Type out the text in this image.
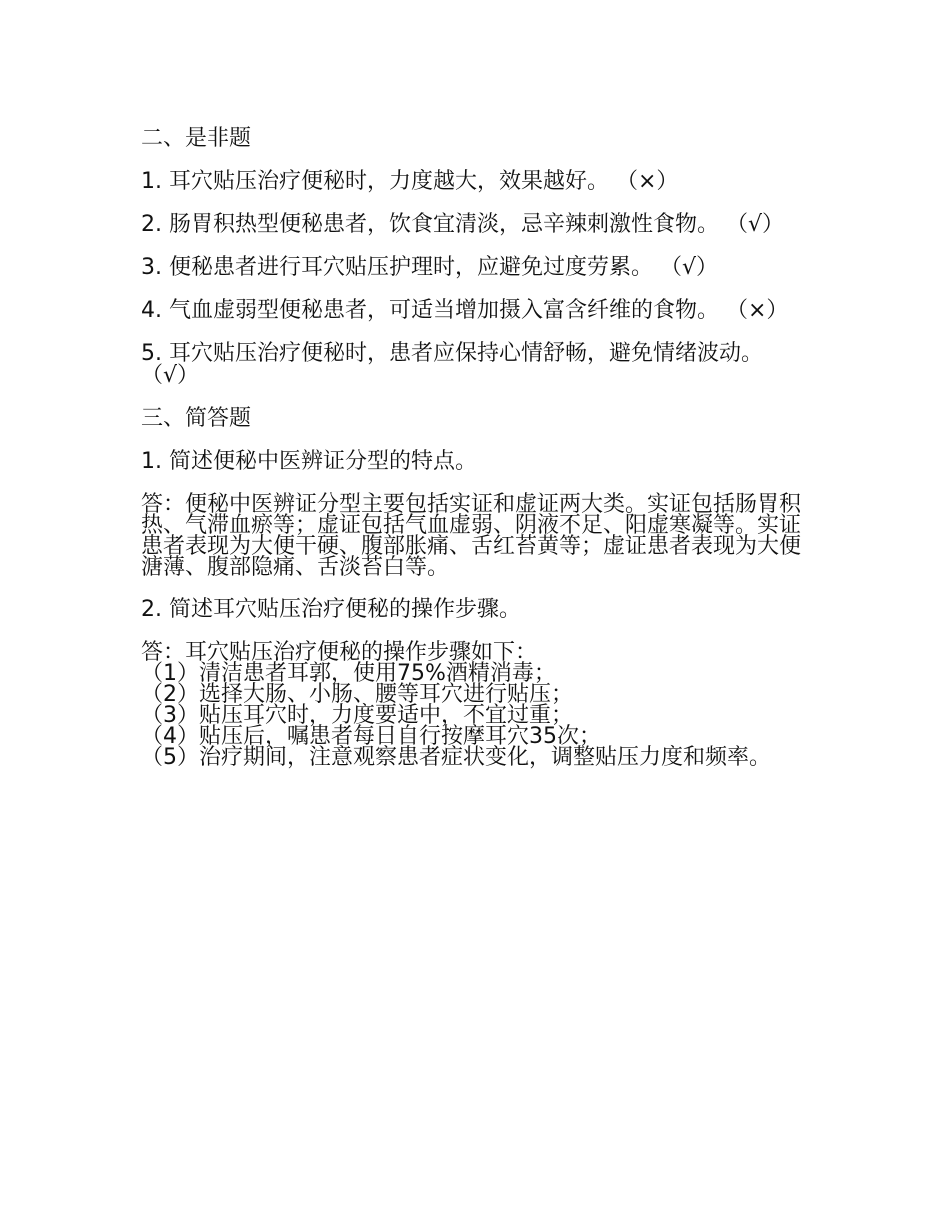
二、是非题
1. 耳穴贴压治疗便秘时，力度越大，效果越好。 （×）
2. 肠胃积热型便秘患者，饮食宜清淡，忌辛辣刺激性食物。 （√）
3. 便秘患者进行耳穴贴压护理时，应避免过度劳累。 （√）
4. 气血虚弱型便秘患者，可适当增加摄入富含纤维的食物。 （×）
5. 耳穴贴压治疗便秘时，患者应保持心情舒畅，避免情绪波动。 （√）
三、简答题
1. 简述便秘中医辨证分型的特点。
答：便秘中医辨证分型主要包括实证和虚证两大类。实证包括肠胃积热、气滞血瘀等；虚证包括气血虚弱、阴液不足、阳虚寒凝等。实证患者表现为大便干硬、腹部胀痛、舌红苔黄等；虚证患者表现为大便溏薄、腹部隐痛、舌淡苔白等。
2. 简述耳穴贴压治疗便秘的操作步骤。
答：耳穴贴压治疗便秘的操作步骤如下：
（1）清洁患者耳郭，使用75%酒精消毒；
（2）选择大肠、小肠、腰等耳穴进行贴压；
（3）贴压耳穴时，力度要适中，不宜过重；
（4）贴压后，嘱患者每日自行按摩耳穴35次；
（5）治疗期间，注意观察患者症状变化，调整贴压力度和频率。
